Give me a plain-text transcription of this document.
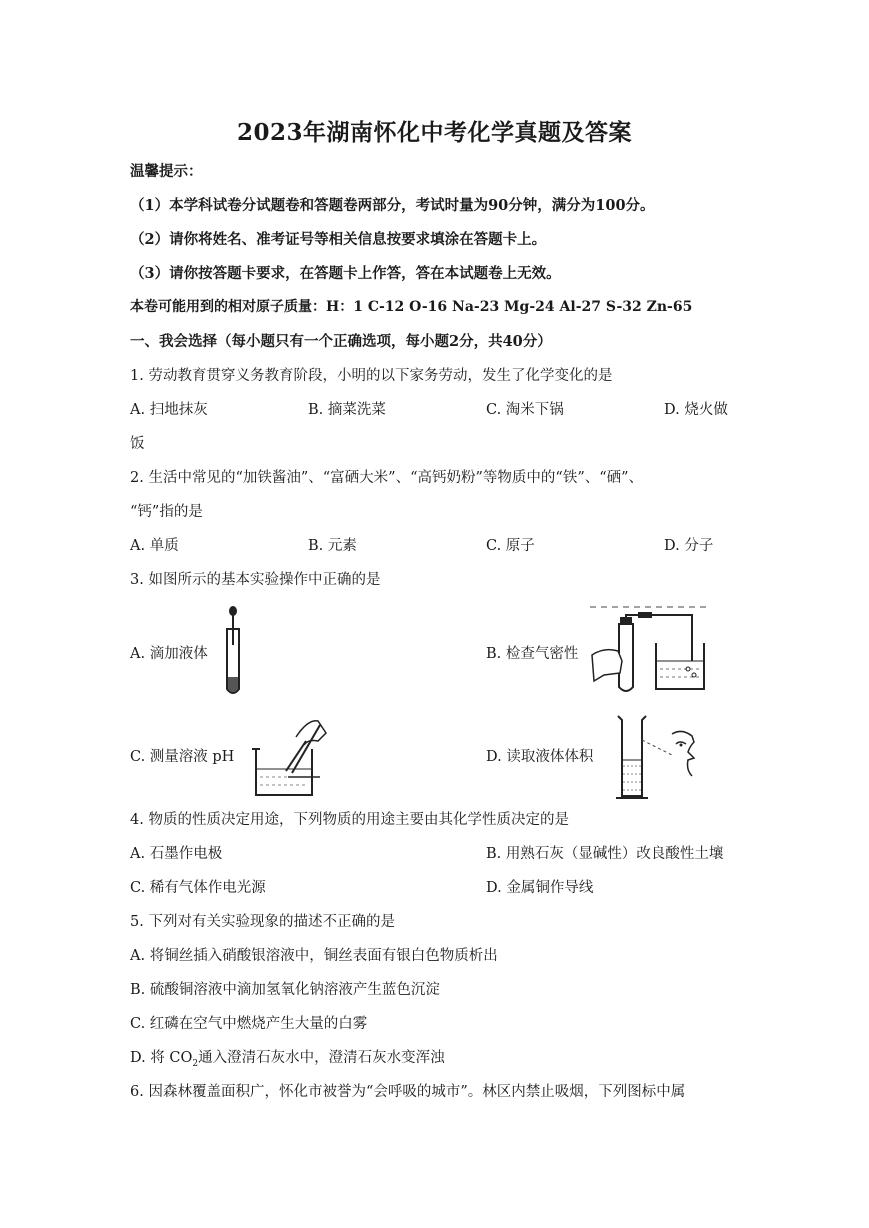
2023年湖南怀化中考化学真题及答案
温馨提示：
（1）本学科试卷分试题卷和答题卷两部分，考试时量为90分钟，满分为100分。
（2）请你将姓名、准考证号等相关信息按要求填涂在答题卡上。
（3）请你按答题卡要求，在答题卡上作答，答在本试题卷上无效。
本卷可能用到的相对原子质量：H：1 C-12 O-16 Na-23 Mg-24 Al-27 S-32 Zn-65
一、我会选择（每小题只有一个正确选项，每小题2分，共40分）
1. 劳动教育贯穿义务教育阶段，小明的以下家务劳动，发生了化学变化的是
A. 扫地抹灰	B. 摘菜洗菜	C. 淘米下锅	D. 烧火做
饭
2. 生活中常见的“加铁酱油”、“富硒大米”、“高钙奶粉”等物质中的“铁”、“硒”、
“钙”指的是
A. 单质	B. 元素	C. 原子	D. 分子
3. 如图所示的基本实验操作中正确的是
A. 滴加液体	B. 检查气密性
C. 测量溶液 pH	D. 读取液体体积
4. 物质的性质决定用途，下列物质的用途主要由其化学性质决定的是
A. 石墨作电极	B. 用熟石灰（显碱性）改良酸性土壤
C. 稀有气体作电光源	D. 金属铜作导线
5. 下列对有关实验现象的描述不正确的是
A. 将铜丝插入硝酸银溶液中，铜丝表面有银白色物质析出
B. 硫酸铜溶液中滴加氢氧化钠溶液产生蓝色沉淀
C. 红磷在空气中燃烧产生大量的白雾
D. 将 $CO_2$通入澄清石灰水中，澄清石灰水变浑浊
6. 因森林覆盖面积广，怀化市被誉为“会呼吸的城市”。林区内禁止吸烟，下列图标中属
